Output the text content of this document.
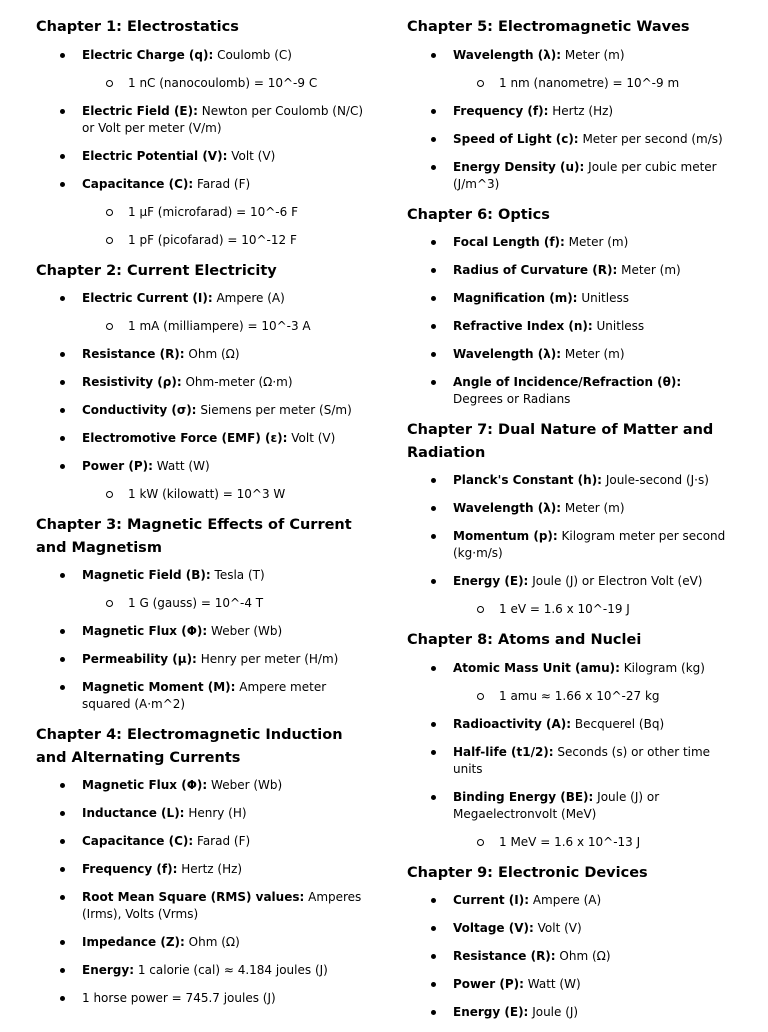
Chapter 1: Electrostatics
Electric Charge (q): Coulomb (C)
1 nC (nanocoulomb) = 10^-9 C
Electric Field (E): Newton per Coulomb (N/C) or Volt per meter (V/m)
Electric Potential (V): Volt (V)
Capacitance (C): Farad (F)
1 µF (microfarad) = 10^-6 F
1 pF (picofarad) = 10^-12 F
Chapter 2: Current Electricity
Electric Current (I): Ampere (A)
1 mA (milliampere) = 10^-3 A
Resistance (R): Ohm (Ω)
Resistivity (ρ): Ohm-meter (Ω·m)
Conductivity (σ): Siemens per meter (S/m)
Electromotive Force (EMF) (ε): Volt (V)
Power (P): Watt (W)
1 kW (kilowatt) = 10^3 W
Chapter 3: Magnetic Effects of Current and Magnetism
Magnetic Field (B): Tesla (T)
1 G (gauss) = 10^-4 T
Magnetic Flux (Φ): Weber (Wb)
Permeability (μ): Henry per meter (H/m)
Magnetic Moment (M): Ampere meter squared (A·m^2)
Chapter 4: Electromagnetic Induction and Alternating Currents
Magnetic Flux (Φ): Weber (Wb)
Inductance (L): Henry (H)
Capacitance (C): Farad (F)
Frequency (f): Hertz (Hz)
Root Mean Square (RMS) values: Amperes (Irms), Volts (Vrms)
Impedance (Z): Ohm (Ω)
Energy: 1 calorie (cal) ≈ 4.184 joules (J)
1 horse power = 745.7 joules (J)
Chapter 5: Electromagnetic Waves
Wavelength (λ): Meter (m)
1 nm (nanometre) = 10^-9 m
Frequency (f): Hertz (Hz)
Speed of Light (c): Meter per second (m/s)
Energy Density (u): Joule per cubic meter (J/m^3)
Chapter 6: Optics
Focal Length (f): Meter (m)
Radius of Curvature (R): Meter (m)
Magnification (m): Unitless
Refractive Index (n): Unitless
Wavelength (λ): Meter (m)
Angle of Incidence/Refraction (θ): Degrees or Radians
Chapter 7: Dual Nature of Matter and Radiation
Planck's Constant (h): Joule-second (J·s)
Wavelength (λ): Meter (m)
Momentum (p): Kilogram meter per second (kg·m/s)
Energy (E): Joule (J) or Electron Volt (eV)
1 eV = 1.6 x 10^-19 J
Chapter 8: Atoms and Nuclei
Atomic Mass Unit (amu): Kilogram (kg)
1 amu ≈ 1.66 x 10^-27 kg
Radioactivity (A): Becquerel (Bq)
Half-life (t1/2): Seconds (s) or other time units
Binding Energy (BE): Joule (J) or Megaelectronvolt (MeV)
1 MeV = 1.6 x 10^-13 J
Chapter 9: Electronic Devices
Current (I): Ampere (A)
Voltage (V): Volt (V)
Resistance (R): Ohm (Ω)
Power (P): Watt (W)
Energy (E): Joule (J)
